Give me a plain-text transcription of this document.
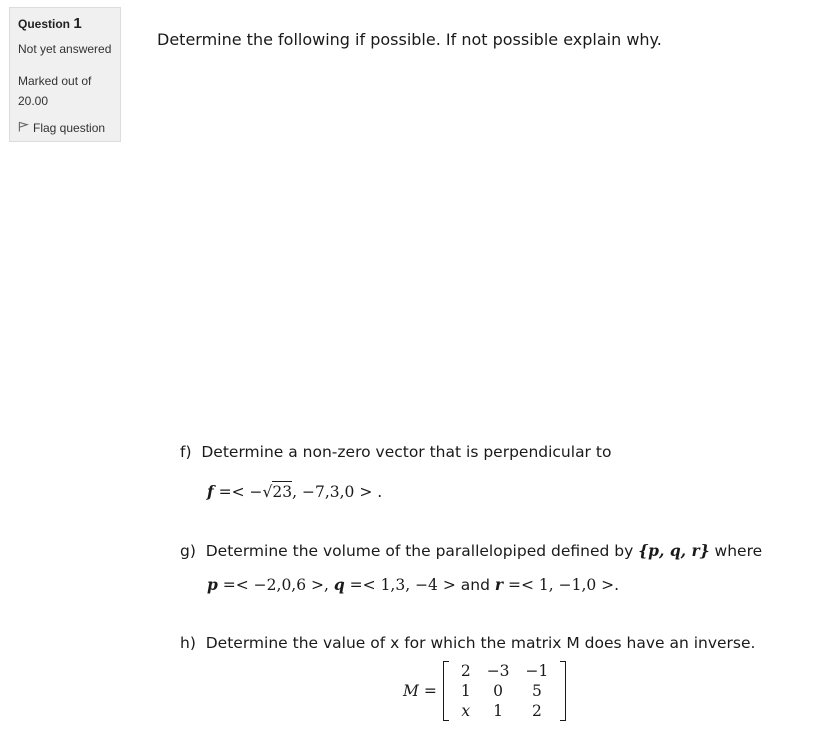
Question 1
Not yet answered
Marked out of
20.00
Flag question
Determine the following if possible. If not possible explain why.
f) Determine a non-zero vector that is perpendicular to
f =< −√23, −7,3,0 > .
g) Determine the volume of the parallelopiped defined by {p, q, r} where
p =< −2,0,6 >, q =< 1,3, −4 > and r =< 1, −1,0 >.
h) Determine the value of x for which the matrix M does have an inverse.
M =
2	−3	−1
1	0	5
x	1	2
